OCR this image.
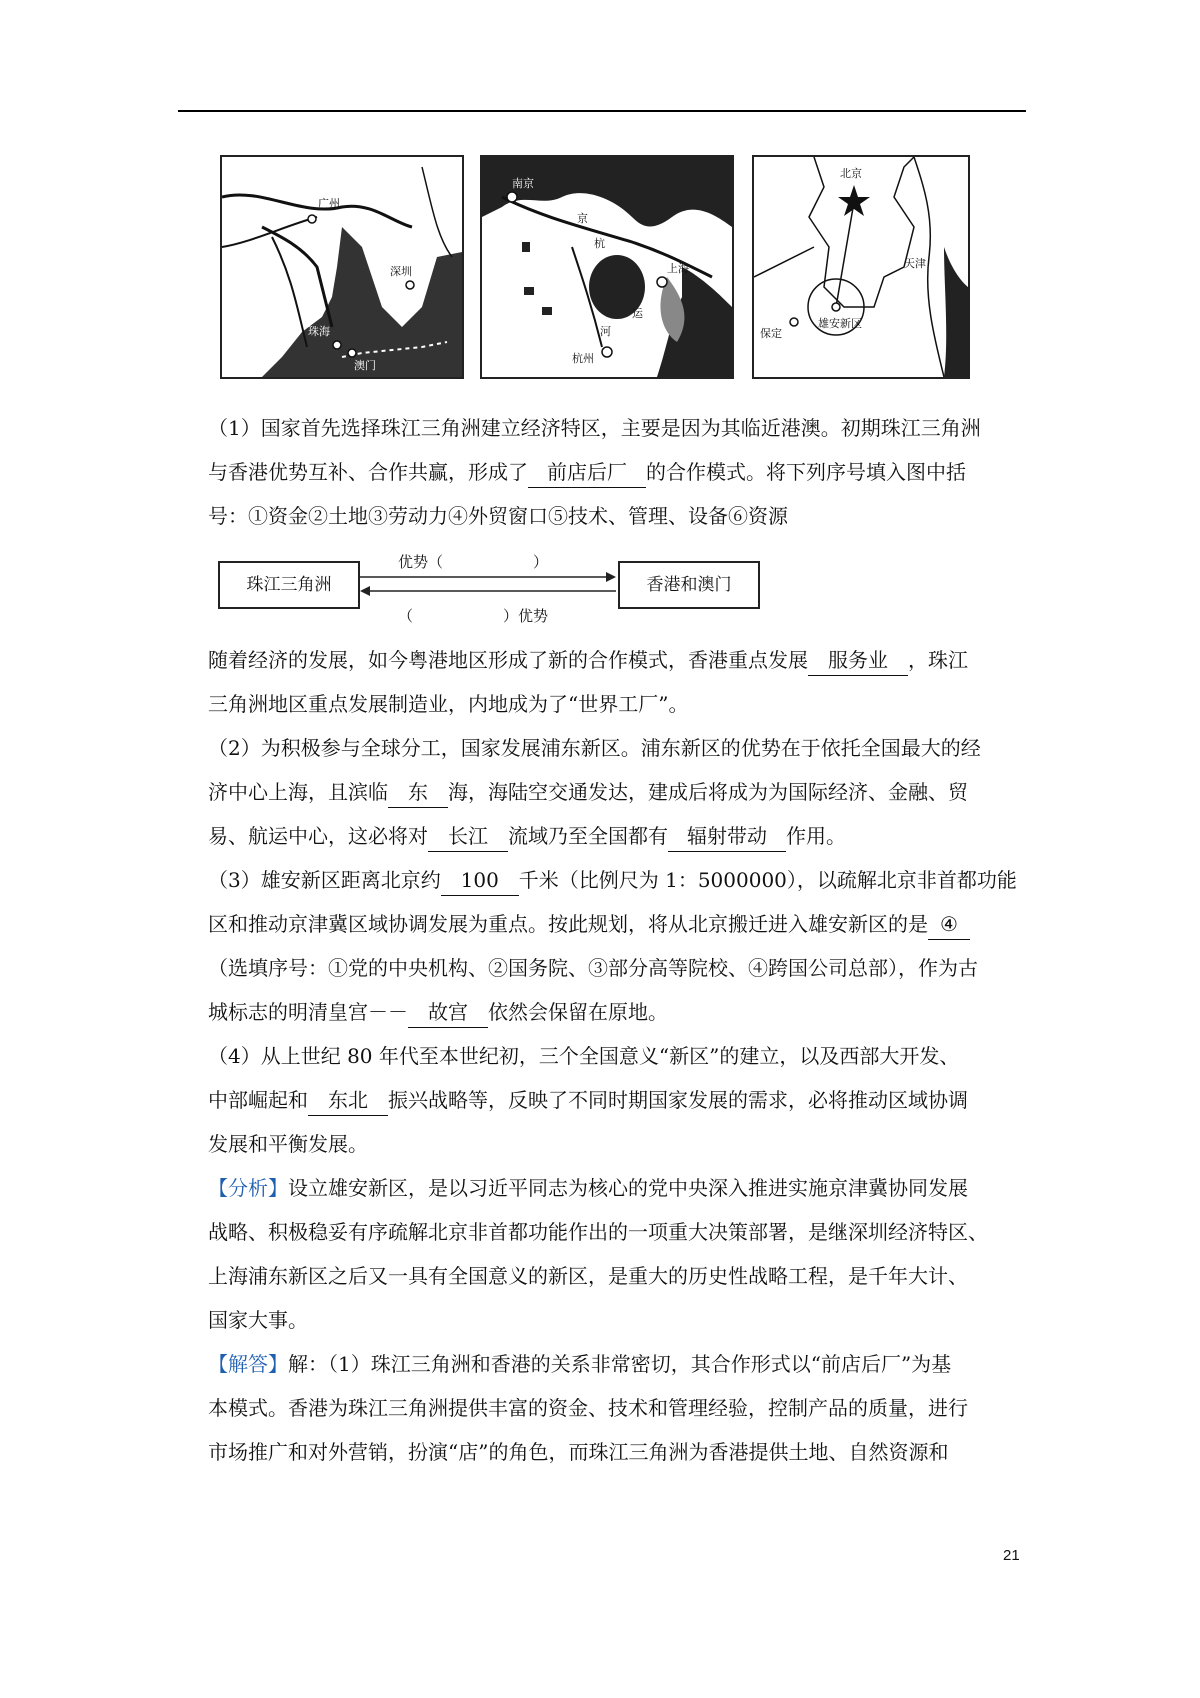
广州
深圳
珠海
澳门
南京
京
杭
运
河
上海
杭州
北京
天津
保定
雄安新区

（1）国家首先选择珠江三角洲建立经济特区，主要是因为其临近港澳。初期珠江三角洲

与香港优势互补、合作共赢，形成了 前店后厂 的合作模式。将下列序号填入图中括

号：①资金②土地③劳动力④外贸窗口⑤技术、管理、设备⑥资源

珠江三角洲	香港和澳门
优势（　　　　　　）
（　　　　　　）优势

随着经济的发展，如今粤港地区形成了新的合作模式，香港重点发展 服务业 ，珠江

三角洲地区重点发展制造业，内地成为了“世界工厂”。

（2）为积极参与全球分工，国家发展浦东新区。浦东新区的优势在于依托全国最大的经

济中心上海，且滨临 东 海，海陆空交通发达，建成后将成为为国际经济、金融、贸

易、航运中心，这必将对 长江 流域乃至全国都有 辐射带动 作用。

（3）雄安新区距离北京约 100 千米（比例尺为 1：5000000），以疏解北京非首都功能

区和推动京津冀区域协调发展为重点。按此规划，将从北京搬迁进入雄安新区的是 ④

（选填序号：①党的中央机构、②国务院、③部分高等院校、④跨国公司总部），作为古

城标志的明清皇宫－－ 故宫 依然会保留在原地。

（4）从上世纪 80 年代至本世纪初，三个全国意义“新区”的建立，以及西部大开发、

中部崛起和 东北 振兴战略等，反映了不同时期国家发展的需求，必将推动区域协调

发展和平衡发展。

【分析】设立雄安新区，是以习近平同志为核心的党中央深入推进实施京津冀协同发展

战略、积极稳妥有序疏解北京非首都功能作出的一项重大决策部署，是继深圳经济特区、

上海浦东新区之后又一具有全国意义的新区，是重大的历史性战略工程，是千年大计、

国家大事。

【解答】解：（1）珠江三角洲和香港的关系非常密切，其合作形式以“前店后厂”为基

本模式。香港为珠江三角洲提供丰富的资金、技术和管理经验，控制产品的质量，进行

市场推广和对外营销，扮演“店”的角色，而珠江三角洲为香港提供土地、自然资源和

21
